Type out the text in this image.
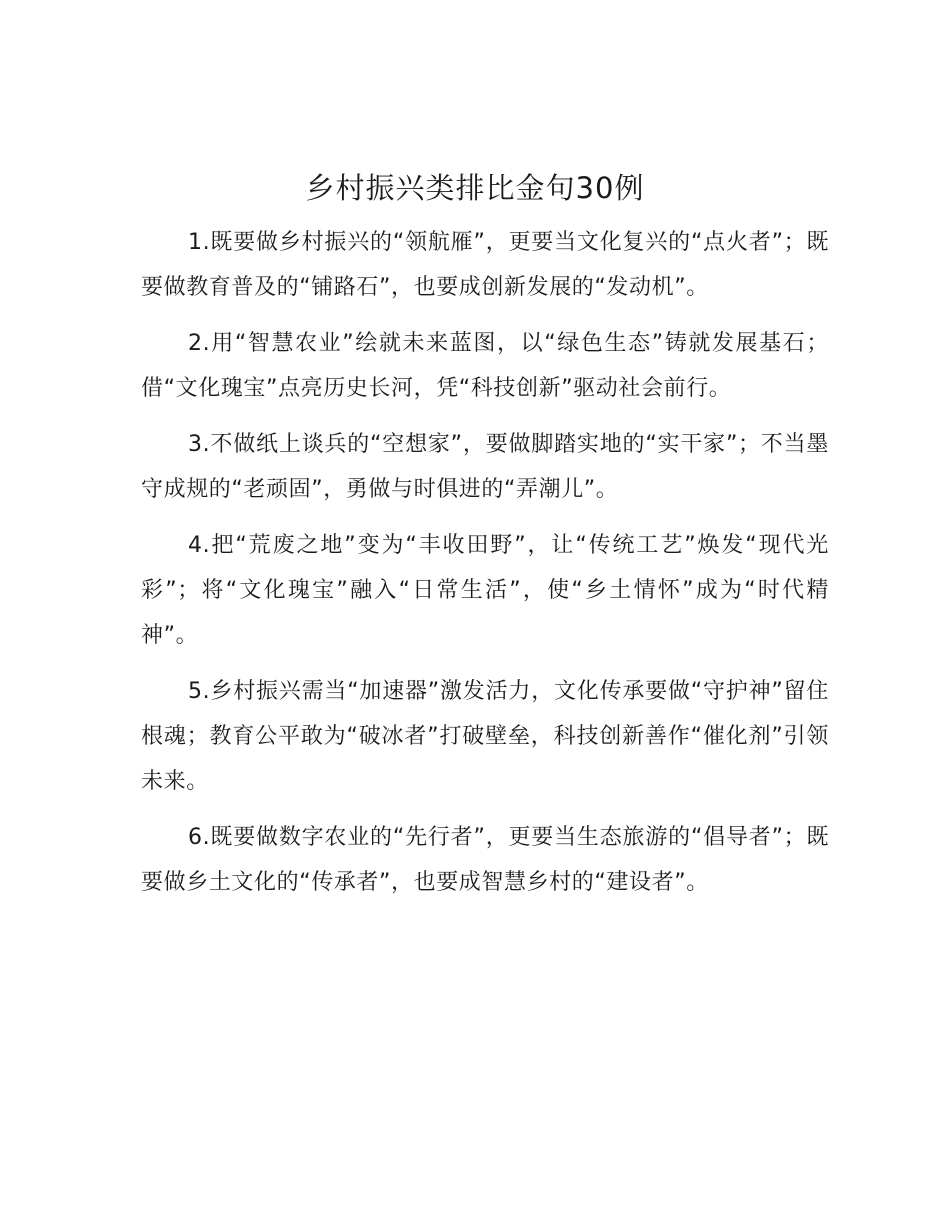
乡村振兴类排比金句30例

1.既要做乡村振兴的“领航雁”，更要当文化复兴的“点火者”；既要做教育普及的“铺路石”，也要成创新发展的“发动机”。

2.用“智慧农业”绘就未来蓝图，以“绿色生态”铸就发展基石；借“文化瑰宝”点亮历史长河，凭“科技创新”驱动社会前行。

3.不做纸上谈兵的“空想家”，要做脚踏实地的“实干家”；不当墨守成规的“老顽固”，勇做与时俱进的“弄潮儿”。

4.把“荒废之地”变为“丰收田野”，让“传统工艺”焕发“现代光彩”；将“文化瑰宝”融入“日常生活”，使“乡土情怀”成为“时代精神”。

5.乡村振兴需当“加速器”激发活力，文化传承要做“守护神”留住根魂；教育公平敢为“破冰者”打破壁垒，科技创新善作“催化剂”引领未来。

6.既要做数字农业的“先行者”，更要当生态旅游的“倡导者”；既要做乡土文化的“传承者”，也要成智慧乡村的“建设者”。
